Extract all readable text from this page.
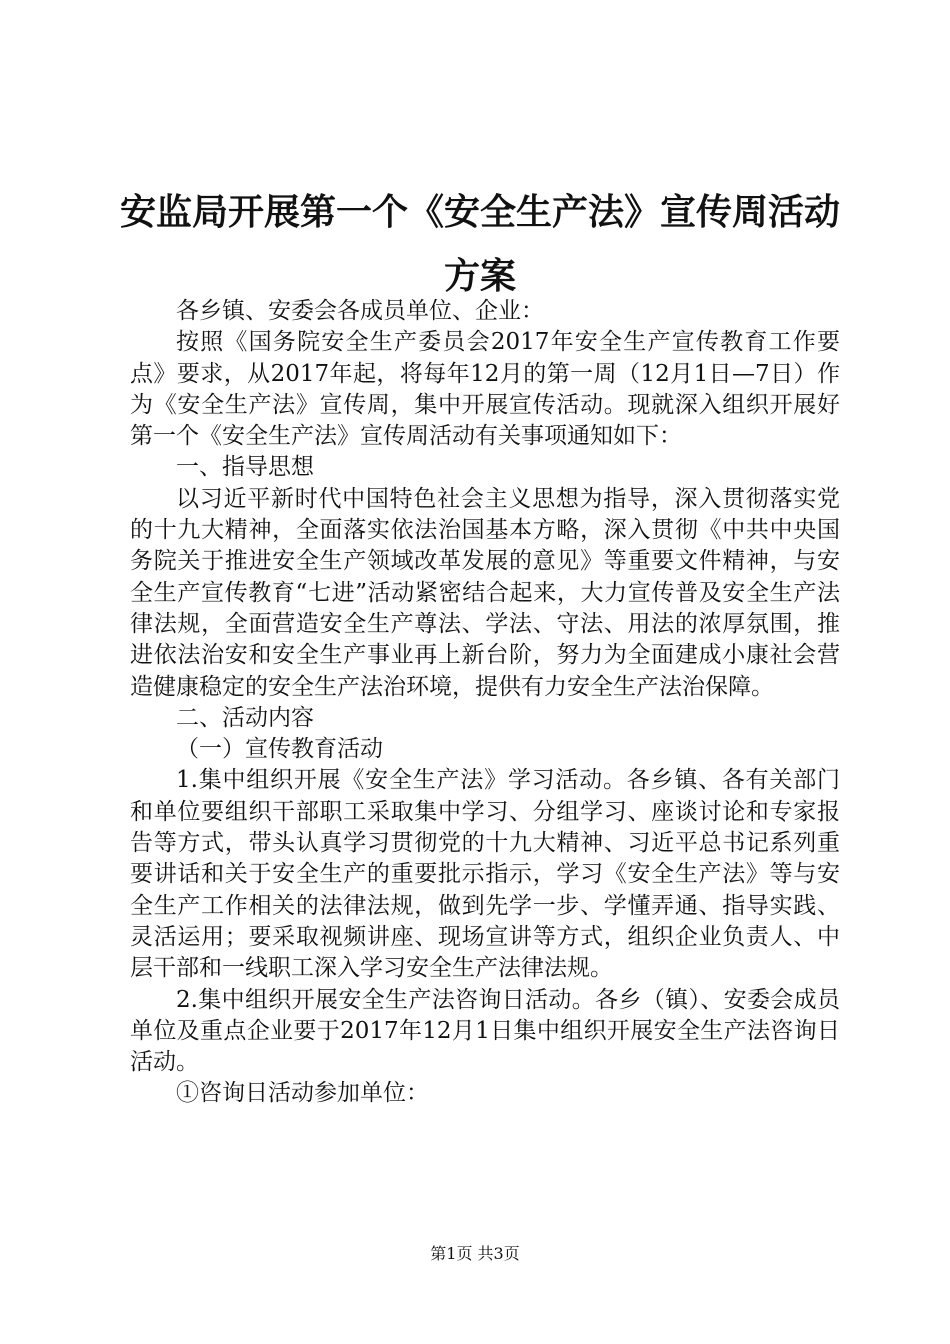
安监局开展第一个《安全生产法》宣传周活动
方案

各乡镇、安委会各成员单位、企业：

按照《国务院安全生产委员会2017年安全生产宣传教育工作要点》要求，从2017年起，将每年12月的第一周（12月1日—7日）作为《安全生产法》宣传周，集中开展宣传活动。现就深入组织开展好第一个《安全生产法》宣传周活动有关事项通知如下：

一、指导思想

以习近平新时代中国特色社会主义思想为指导，深入贯彻落实党的十九大精神，全面落实依法治国基本方略，深入贯彻《中共中央国务院关于推进安全生产领域改革发展的意见》等重要文件精神，与安全生产宣传教育“七进”活动紧密结合起来，大力宣传普及安全生产法律法规，全面营造安全生产尊法、学法、守法、用法的浓厚氛围，推进依法治安和安全生产事业再上新台阶，努力为全面建成小康社会营造健康稳定的安全生产法治环境，提供有力安全生产法治保障。

二、活动内容

（一）宣传教育活动

1.集中组织开展《安全生产法》学习活动。各乡镇、各有关部门和单位要组织干部职工采取集中学习、分组学习、座谈讨论和专家报告等方式，带头认真学习贯彻党的十九大精神、习近平总书记系列重要讲话和关于安全生产的重要批示指示，学习《安全生产法》等与安全生产工作相关的法律法规，做到先学一步、学懂弄通、指导实践、灵活运用；要采取视频讲座、现场宣讲等方式，组织企业负责人、中层干部和一线职工深入学习安全生产法律法规。

2.集中组织开展安全生产法咨询日活动。各乡（镇）、安委会成员单位及重点企业要于2017年12月1日集中组织开展安全生产法咨询日活动。

①咨询日活动参加单位：

第1页 共3页
